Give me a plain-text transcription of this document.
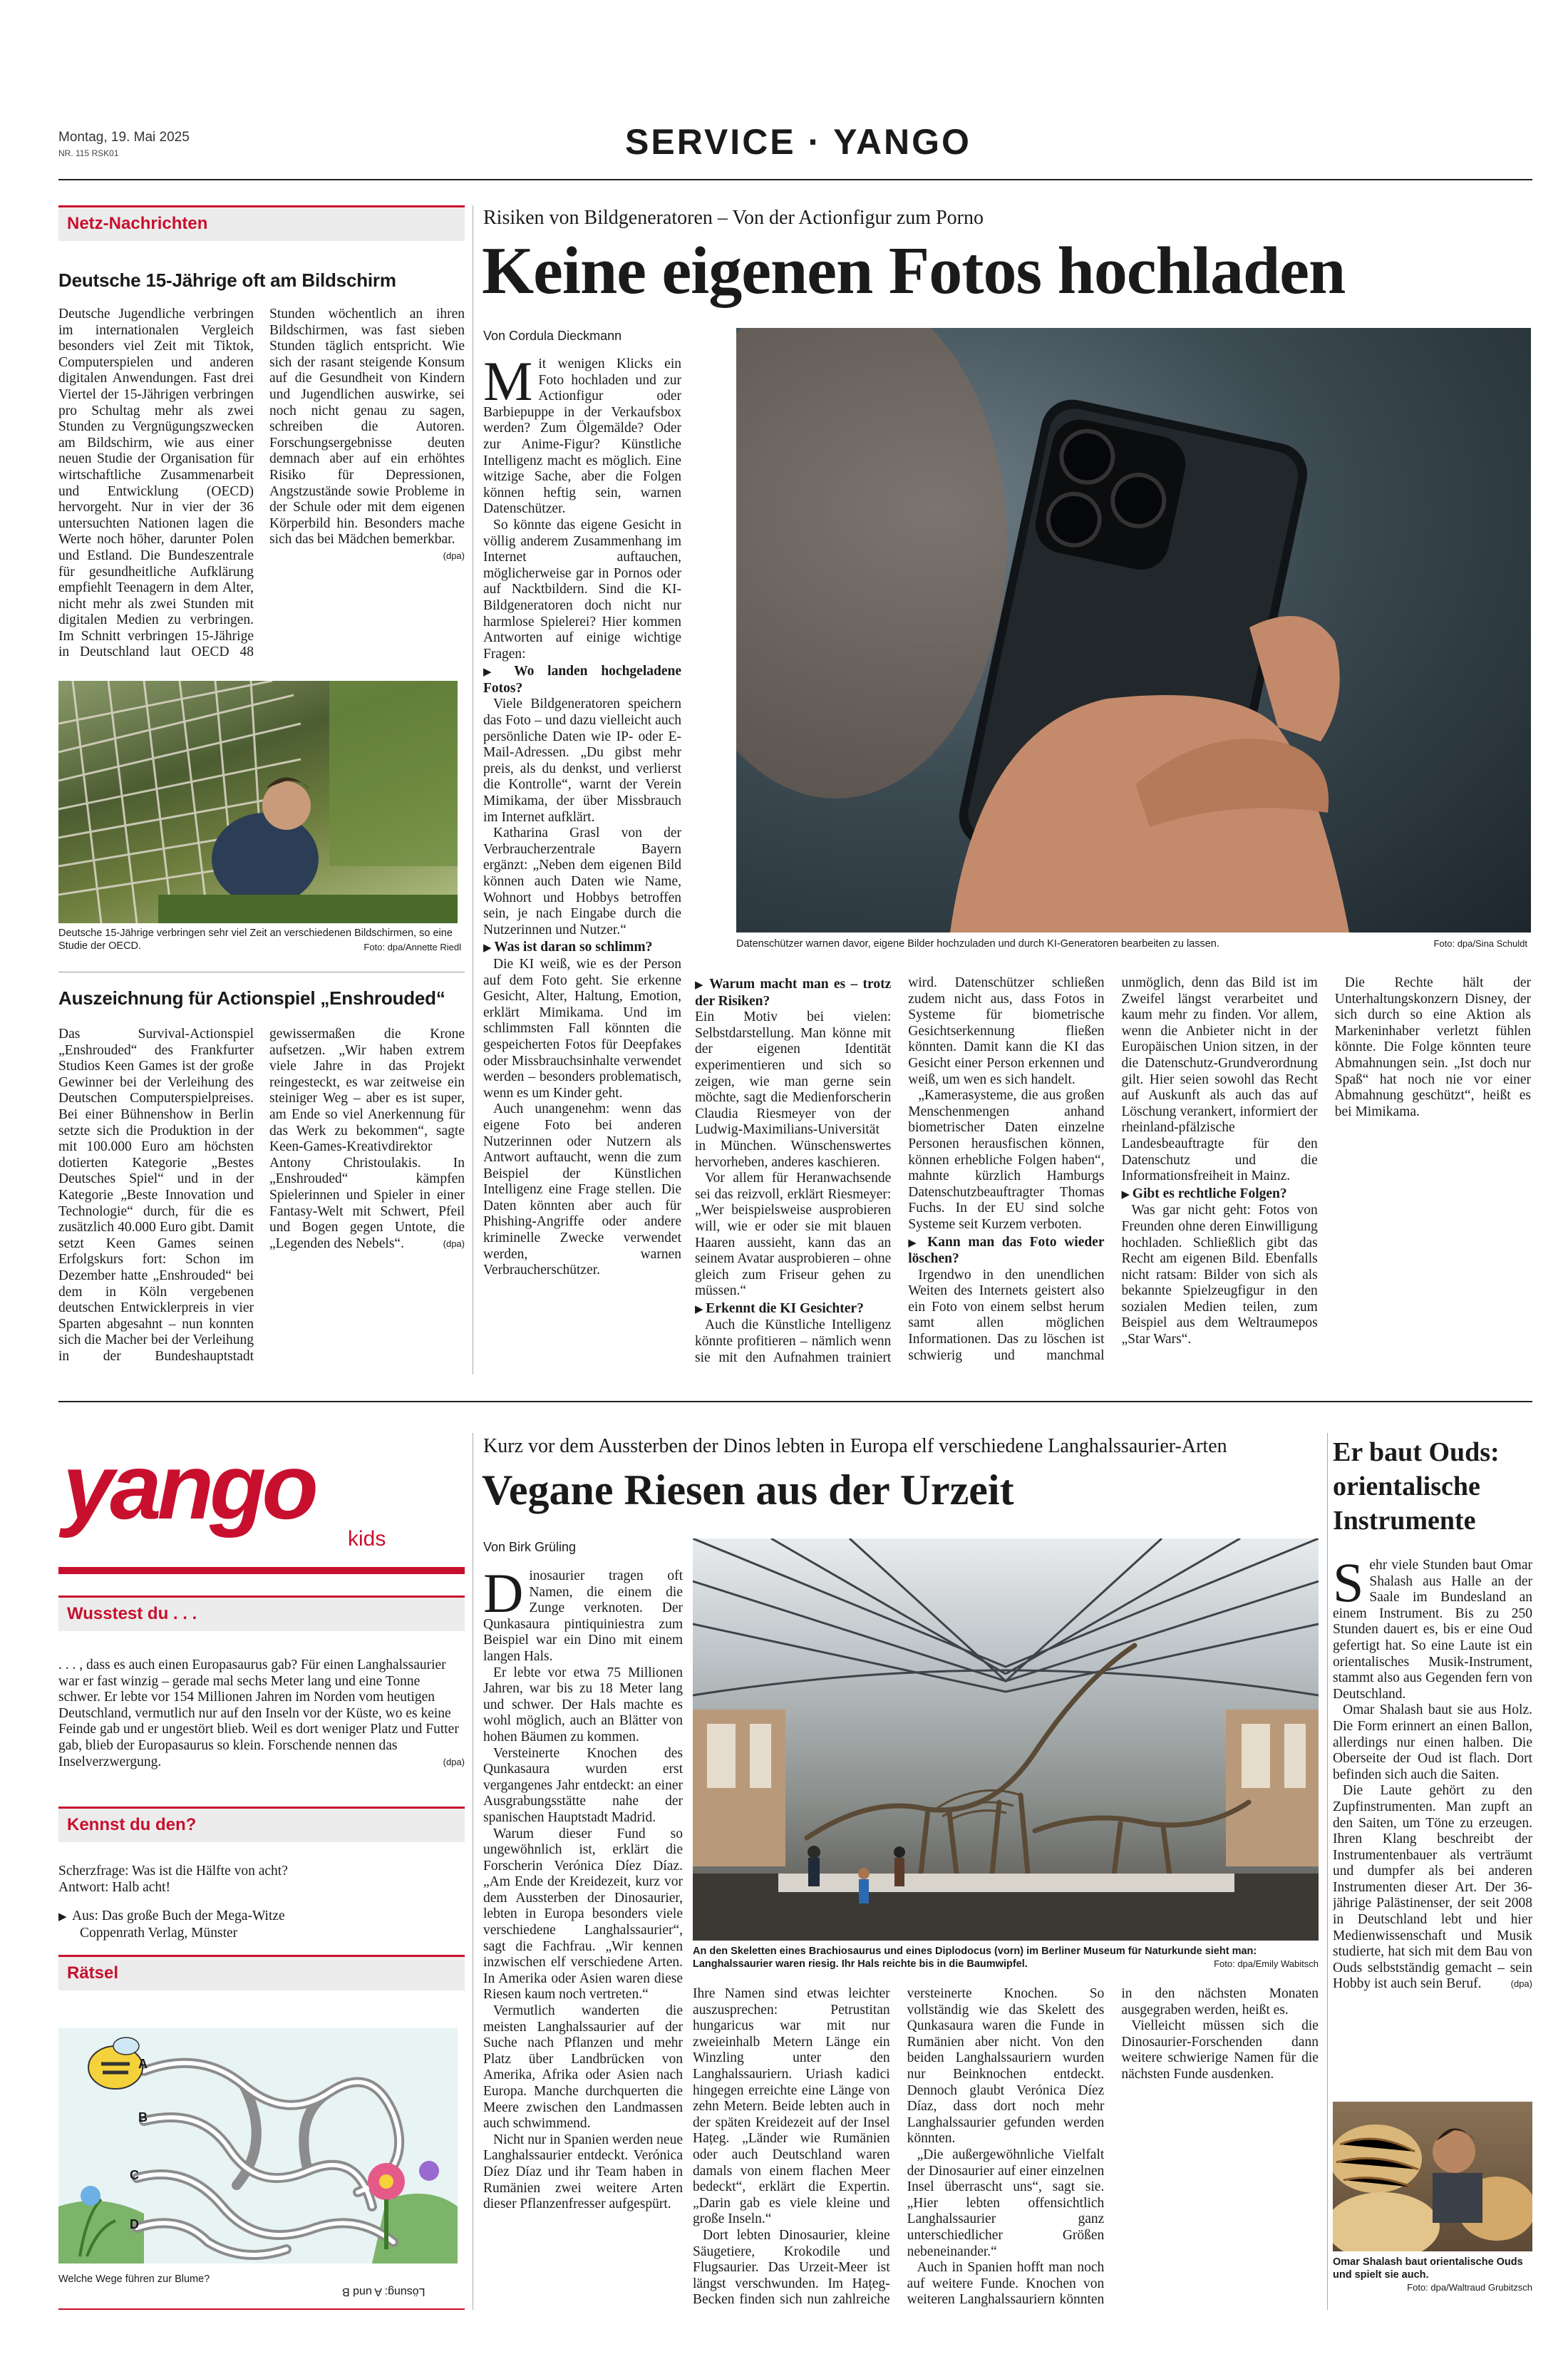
Montag, 19. Mai 2025
NR. 115 RSK01	SERVICE · YANGO
Netz-Nachrichten
Deutsche 15-Jährige oft am Bildschirm

Deutsche Jugendliche verbringen im internationalen Vergleich besonders viel Zeit mit Tiktok, Computerspielen und anderen digitalen Anwendungen. Fast drei Viertel der 15-Jährigen verbringen pro Schultag mehr als zwei Stunden zu Vergnügungszwecken am Bildschirm, wie aus einer neuen Studie der Organisation für wirtschaftliche Zusammenarbeit und Entwicklung (OECD) hervorgeht. Nur in vier der 36 untersuchten Nationen lagen die Werte noch höher, darunter Polen und Estland. Die Bundeszentrale für gesundheitliche Aufklärung empfiehlt Teenagern in dem Alter, nicht mehr als zwei Stunden mit digitalen Medien zu verbringen. Im Schnitt verbringen 15-Jährige in Deutschland laut OECD 48 Stunden wöchentlich an ihren Bildschirmen, was fast sieben Stunden täglich entspricht. Wie sich der rasant steigende Konsum auf die Gesundheit von Kindern und Jugendlichen auswirke, sei noch nicht genau zu sagen, schreiben die Autoren. Forschungsergebnisse deuten demnach aber auf ein erhöhtes Risiko für Depressionen, Angstzustände sowie Probleme in der Schule oder mit dem eigenen Körperbild hin. Besonders mache sich das bei Mädchen bemerkbar.
(dpa)

Deutsche 15-Jährige verbringen sehr viel Zeit an verschiedenen Bildschirmen, so eine Studie der OECD.	Foto: dpa/Annette Riedl
Auszeichnung für Actionspiel „Enshrouded“

Das Survival-Actionspiel „Enshrouded“ des Frankfurter Studios Keen Games ist der große Gewinner bei der Verleihung des Deutschen Computerspielpreises. Bei einer Bühnenshow in Berlin setzte sich die Produktion in der mit 100.000 Euro am höchsten dotierten Kategorie „Bestes Deutsches Spiel“ und in der Kategorie „Beste Innovation und Technologie“ durch, für die es zusätzlich 40.000 Euro gibt. Damit setzt Keen Games seinen Erfolgskurs fort: Schon im Dezember hatte „Enshrouded“ bei dem in Köln vergebenen deutschen Entwicklerpreis in vier Sparten abgesahnt – nun konnten sich die Macher bei der Verleihung in der Bundeshauptstadt gewissermaßen die Krone aufsetzen. „Wir haben extrem viele Jahre in das Projekt reingesteckt, es war zeitweise ein steiniger Weg – aber es ist super, am Ende so viel Anerkennung für das Werk zu bekommen“, sagte Keen-Games-Kreativdirektor Antony Christoulakis. In „Enshrouded“ kämpfen Spielerinnen und Spieler in einer Fantasy-Welt mit Schwert, Pfeil und Bogen gegen Untote, die „Legenden des Nebels“.	(dpa)

Risiken von Bildgeneratoren – Von der Actionfigur zum Porno
Keine eigenen Fotos hochladen
Von Cordula Dieckmann

Mit wenigen Klicks ein Foto hochladen und zur Actionfigur oder Barbiepuppe in der Verkaufsbox werden? Zum Ölgemälde? Oder zur Anime-Figur? Künstliche Intelligenz macht es möglich. Eine witzige Sache, aber die Folgen können heftig sein, warnen Datenschützer.

So könnte das eigene Gesicht in völlig anderem Zusammenhang im Internet auftauchen, möglicherweise gar in Pornos oder auf Nacktbildern. Sind die KI-Bildgeneratoren doch nicht nur harmlose Spielerei? Hier kommen Antworten auf einige wichtige Fragen:

▶ Wo landen hochgeladene Fotos?

Viele Bildgeneratoren speichern das Foto – und dazu vielleicht auch persönliche Daten wie IP- oder E-Mail-Adressen. „Du gibst mehr preis, als du denkst, und verlierst die Kontrolle“, warnt der Verein Mimikama, der über Missbrauch im Internet aufklärt.

Katharina Grasl von der Verbraucherzentrale Bayern ergänzt: „Neben dem eigenen Bild können auch Daten wie Name, Wohnort und Hobbys betroffen sein, je nach Eingabe durch die Nutzerinnen und Nutzer.“

▶ Was ist daran so schlimm?

Die KI weiß, wie es der Person auf dem Foto geht. Sie erkenne Gesicht, Alter, Haltung, Emotion, erklärt Mimikama. Und im schlimmsten Fall könnten die gespeicherten Fotos für Deepfakes oder Missbrauchsinhalte verwendet werden – besonders problematisch, wenn es um Kinder geht.

Auch unangenehm: wenn das eigene Foto bei anderen Nutzerinnen oder Nutzern als Antwort auftaucht, wenn die zum Beispiel der Künstlichen Intelligenz eine Frage stellen. Die Daten könnten aber auch für Phishing-Angriffe oder andere kriminelle Zwecke verwendet werden, warnen Verbraucherschützer.

Datenschützer warnen davor, eigene Bilder hochzuladen und durch KI-Generatoren bearbeiten zu lassen.	Foto: dpa/Sina Schuldt

▶ Warum macht man es – trotz der Risiken?

Ein Motiv bei vielen: Selbstdarstellung. Man könne mit der eigenen Identität experimentieren und sich so zeigen, wie man gerne sein möchte, sagt die Medienforscherin Claudia Riesmeyer von der Ludwig-Maximilians-Universität in München. Wünschenswertes hervorheben, anderes kaschieren.

Vor allem für Heranwachsende sei das reizvoll, erklärt Riesmeyer: „Wer beispielsweise ausprobieren will, wie er oder sie mit blauen Haaren aussieht, kann das an seinem Avatar ausprobieren – ohne gleich zum Friseur gehen zu müssen.“

▶ Erkennt die KI Gesichter?

Auch die Künstliche Intelligenz könnte profitieren – nämlich wenn sie mit den Aufnahmen trainiert wird. Datenschützer schließen zudem nicht aus, dass Fotos in Systeme für biometrische Gesichtserkennung fließen könnten. Damit kann die KI das Gesicht einer Person erkennen und weiß, um wen es sich handelt.

„Kamerasysteme, die aus großen Menschenmengen anhand biometrischer Daten einzelne Personen herausfischen können, können erhebliche Folgen haben“, mahnte kürzlich Hamburgs Datenschutzbeauftragter Thomas Fuchs. In der EU sind solche Systeme seit Kurzem verboten.

▶ Kann man das Foto wieder löschen?

Irgendwo in den unendlichen Weiten des Internets geistert also ein Foto von einem selbst herum samt allen möglichen Informationen. Das zu löschen ist schwierig und manchmal unmöglich, denn das Bild ist im Zweifel längst verarbeitet und kaum mehr zu finden. Vor allem, wenn die Anbieter nicht in der Europäischen Union sitzen, in der die Datenschutz-Grundverordnung gilt. Hier seien sowohl das Recht auf Auskunft als auch das auf Löschung verankert, informiert der rheinland-pfälzische Landesbeauftragte für den Datenschutz und die Informationsfreiheit in Mainz.

▶ Gibt es rechtliche Folgen?

Was gar nicht geht: Fotos von Freunden ohne deren Einwilligung hochladen. Schließlich gibt das Recht am eigenen Bild. Ebenfalls nicht ratsam: Bilder von sich als bekannte Spielzeugfigur in den sozialen Medien teilen, zum Beispiel aus dem Weltraumepos „Star Wars“.

Die Rechte hält der Unterhaltungskonzern Disney, der sich durch so eine Aktion als Markeninhaber verletzt fühlen könnte. Die Folge könnten teure Abmahnungen sein. „Ist doch nur Spaß“ hat noch nie vor einer Abmahnung geschützt“, heißt es bei Mimikama.

yango
kids
Wusstest du . . .
. . . , dass es auch einen Europasaurus gab? Für einen Langhalssaurier war er fast winzig – gerade mal sechs Meter lang und eine Tonne schwer. Er lebte vor 154 Millionen Jahren im Norden vom heutigen Deutschland, vermutlich nur auf den Inseln vor der Küste, wo es keine Feinde gab und er ungestört blieb. Weil es dort weniger Platz und Futter gab, blieb der Europasaurus so klein. Forschende nennen das Inselverzwergung.	(dpa)
Kennst du den?
Scherzfrage: Was ist die Hälfte von acht?
Antwort: Halb acht!
▶  Aus: Das große Buch der Mega-Witze
Coppenrath Verlag, Münster
Rätsel
A
B
C
D
Welche Wege führen zur Blume?
Lösung: A und B
Kurz vor dem Aussterben der Dinos lebten in Europa elf verschiedene Langhalssaurier-Arten
Vegane Riesen aus der Urzeit
Von Birk Grüling

Dinosaurier tragen oft Namen, die einem die Zunge verknoten. Der Qunkasaura pintiquiniestra zum Beispiel war ein Dino mit einem langen Hals.

Er lebte vor etwa 75 Millionen Jahren, war bis zu 18 Meter lang und schwer. Der Hals machte es wohl möglich, auch an Blätter von hohen Bäumen zu kommen.

Versteinerte Knochen des Qunkasaura wurden erst vergangenes Jahr entdeckt: an einer Ausgrabungsstätte nahe der spanischen Hauptstadt Madrid.

Warum dieser Fund so ungewöhnlich ist, erklärt die Forscherin Verónica Díez Díaz. „Am Ende der Kreidezeit, kurz vor dem Aussterben der Dinosaurier, lebten in Europa besonders viele verschiedene Langhalssaurier“, sagt die Fachfrau. „Wir kennen inzwischen elf verschiedene Arten. In Amerika oder Asien waren diese Riesen kaum noch vertreten.“

Vermutlich wanderten die meisten Langhalssaurier auf der Suche nach Pflanzen und mehr Platz über Landbrücken von Amerika, Afrika oder Asien nach Europa. Manche durchquerten die Meere zwischen den Landmassen auch schwimmend.

Nicht nur in Spanien werden neue Langhalssaurier entdeckt. Verónica Díez Díaz und ihr Team haben in Rumänien zwei weitere Arten dieser Pflanzenfresser aufgespürt.

An den Skeletten eines Brachiosaurus und eines Diplodocus (vorn) im Berliner Museum für Naturkunde sieht man: Langhalssaurier waren riesig. Ihr Hals reichte bis in die Baumwipfel.	Foto: dpa/Emily Wabitsch

Ihre Namen sind etwas leichter auszusprechen: Petrustitan hungaricus war mit nur zweieinhalb Metern Länge ein Winzling unter den Langhalssauriern. Uriash kadici hingegen erreichte eine Länge von zehn Metern. Beide lebten auch in der späten Kreidezeit auf der Insel Hațeg. „Länder wie Rumänien oder auch Deutschland waren damals von einem flachen Meer bedeckt“, erklärt die Expertin. „Darin gab es viele kleine und große Inseln.“

Dort lebten Dinosaurier, kleine Säugetiere, Krokodile und Flugsaurier. Das Urzeit-Meer ist längst verschwunden. Im Hațeg-Becken finden sich nun zahlreiche versteinerte Knochen. So vollständig wie das Skelett des Qunkasaura waren die Funde in Rumänien aber nicht. Von den beiden Langhalssauriern wurden nur Beinknochen entdeckt. Dennoch glaubt Verónica Díez Díaz, dass dort noch mehr Langhalssaurier gefunden werden könnten.

„Die außergewöhnliche Vielfalt der Dinosaurier auf einer einzelnen Insel überrascht uns“, sagt sie. „Hier lebten offensichtlich Langhalssaurier ganz unterschiedlicher Größen nebeneinander.“

Auch in Spanien hofft man noch auf weitere Funde. Knochen von weiteren Langhalssauriern könnten in den nächsten Monaten ausgegraben werden, heißt es.

Vielleicht müssen sich die Dinosaurier-Forschenden dann weitere schwierige Namen für die nächsten Funde ausdenken.

Er baut Ouds: orientalische Instrumente

Sehr viele Stunden baut Omar Shalash aus Halle an der Saale im Bundesland an einem Instrument. Bis zu 250 Stunden dauert es, bis er eine Oud gefertigt hat. So eine Laute ist ein orientalisches Musik-Instrument, stammt also aus Gegenden fern von Deutschland.

Omar Shalash baut sie aus Holz. Die Form erinnert an einen Ballon, allerdings nur einen halben. Die Oberseite der Oud ist flach. Dort befinden sich auch die Saiten.

Die Laute gehört zu den Zupfinstrumenten. Man zupft an den Saiten, um Töne zu erzeugen. Ihren Klang beschreibt der Instrumentenbauer als verträumt und dumpfer als bei anderen Instrumenten dieser Art. Der 36-jährige Palästinenser, der seit 2008 in Deutschland lebt und hier Medienwissenschaft und Musik studierte, hat sich mit dem Bau von Ouds selbstständig gemacht – sein Hobby ist auch sein Beruf.	(dpa)

Omar Shalash baut orientalische Ouds und spielt sie auch.
Foto: dpa/Waltraud Grubitzsch
